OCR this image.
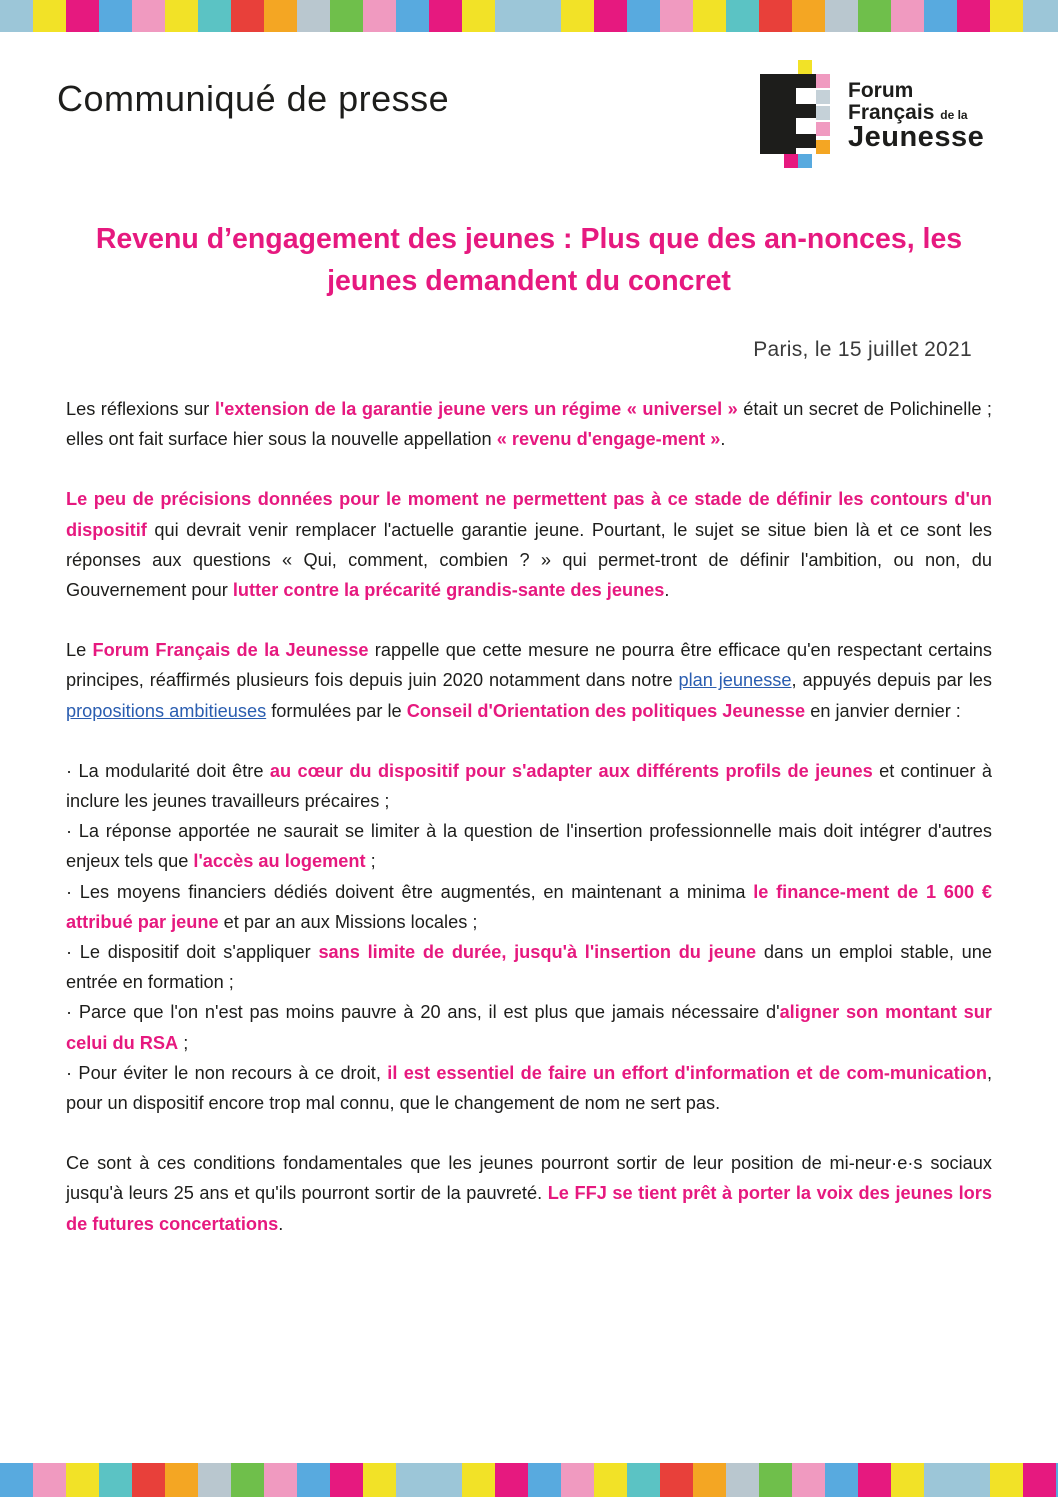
Communiqué de presse	Forum
Français de la
Jeunesse
Revenu d’engagement des jeunes : Plus que des an-nonces, les jeunes demandent du concret
Paris, le 15 juillet 2021

Les réflexions sur l'extension de la garantie jeune vers un régime « universel » était un secret de Polichinelle ; elles ont fait surface hier sous la nouvelle appellation « revenu d'engage-ment ».

Le peu de précisions données pour le moment ne permettent pas à ce stade de définir les contours d'un dispositif qui devrait venir remplacer l'actuelle garantie jeune. Pourtant, le sujet se situe bien là et ce sont les réponses aux questions « Qui, comment, combien ? » qui permet-tront de définir l'ambition, ou non, du Gouvernement pour lutter contre la précarité grandis-sante des jeunes.

Le Forum Français de la Jeunesse rappelle que cette mesure ne pourra être efficace qu'en respectant certains principes, réaffirmés plusieurs fois depuis juin 2020 notamment dans notre plan jeunesse, appuyés depuis par les propositions ambitieuses formulées par le Conseil d'Orientation des politiques Jeunesse en janvier dernier :

· La modularité doit être au cœur du dispositif pour s'adapter aux différents profils de jeunes et continuer à inclure les jeunes travailleurs précaires ;
· La réponse apportée ne saurait se limiter à la question de l'insertion professionnelle mais doit intégrer d'autres enjeux tels que l'accès au logement ;
· Les moyens financiers dédiés doivent être augmentés, en maintenant a minima le finance-ment de 1 600 € attribué par jeune et par an aux Missions locales ;
· Le dispositif doit s'appliquer sans limite de durée, jusqu'à l'insertion du jeune dans un emploi stable, une entrée en formation ;
· Parce que l'on n'est pas moins pauvre à 20 ans, il est plus que jamais nécessaire d'aligner son montant sur celui du RSA ;
· Pour éviter le non recours à ce droit, il est essentiel de faire un effort d'information et de com-munication, pour un dispositif encore trop mal connu, que le changement de nom ne sert pas.

Ce sont à ces conditions fondamentales que les jeunes pourront sortir de leur position de mi-neur·e·s sociaux jusqu'à leurs 25 ans et qu'ils pourront sortir de la pauvreté. Le FFJ se tient prêt à porter la voix des jeunes lors de futures concertations.
